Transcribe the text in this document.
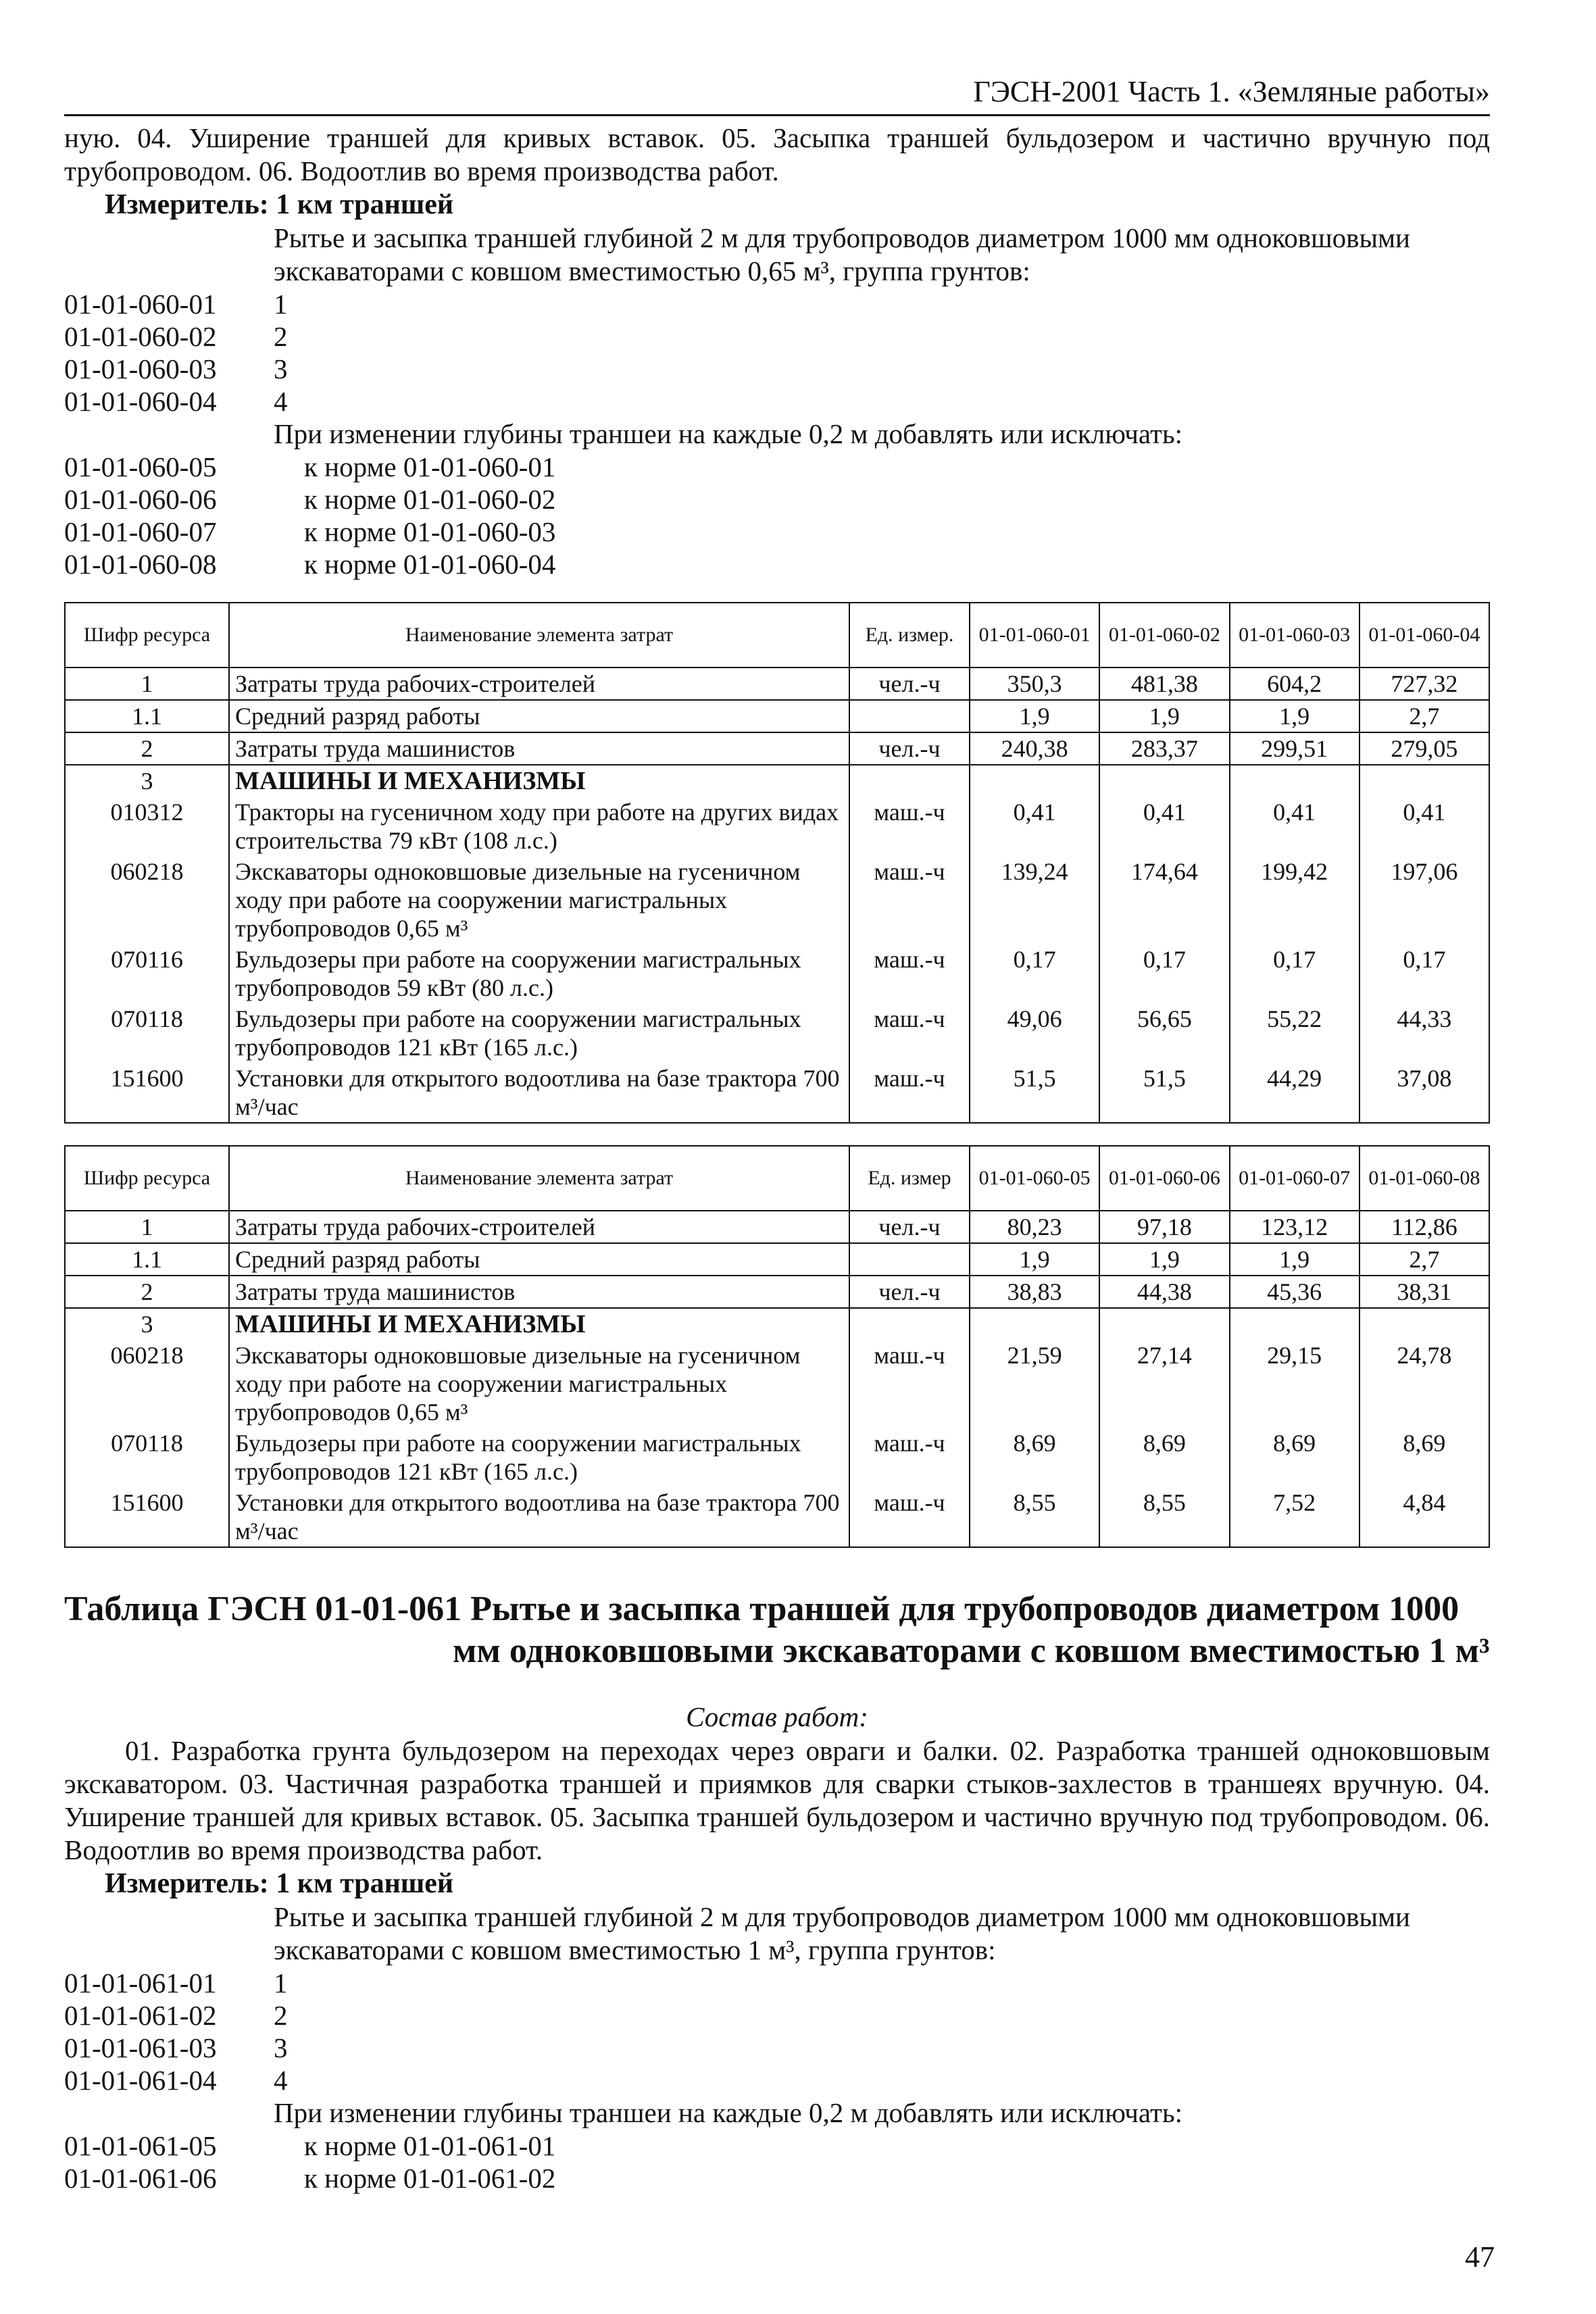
ГЭСН-2001 Часть 1. «Земляные работы»

ную. 04. Уширение траншей для кривых вставок. 05. Засыпка траншей бульдозером и частично вручную под трубопроводом. 06. Водоотлив во время производства работ.

Измеритель: 1 км траншей
Рытье и засыпка траншей глубиной 2 м для трубопроводов диаметром 1000 мм одноковшовыми экскаваторами с ковшом вместимостью 0,65 м³, группа грунтов:
01-01-060-01	1
01-01-060-02	2
01-01-060-03	3
01-01-060-04	4
При изменении глубины траншеи на каждые 0,2 м добавлять или исключать:
01-01-060-05	к норме 01-01-060-01
01-01-060-06	к норме 01-01-060-02
01-01-060-07	к норме 01-01-060-03
01-01-060-08	к норме 01-01-060-04
Шифр ресурса	Наименование элемента затрат	Ед. измер.	01-01-060-01	01-01-060-02	01-01-060-03	01-01-060-04
1	Затраты труда рабочих-строителей	чел.-ч	350,3	481,38	604,2	727,32
1.1	Средний разряд работы		1,9	1,9	1,9	2,7
2	Затраты труда машинистов	чел.-ч	240,38	283,37	299,51	279,05
3	МАШИНЫ И МЕХАНИЗМЫ					
010312	Тракторы на гусеничном ходу при работе на других видах строительства 79 кВт (108 л.с.)	маш.-ч	0,41	0,41	0,41	0,41
060218	Экскаваторы одноковшовые дизельные на гусеничном ходу при работе на сооружении магистральных трубопроводов 0,65 м³	маш.-ч	139,24	174,64	199,42	197,06
070116	Бульдозеры при работе на сооружении магистральных трубопроводов 59 кВт (80 л.с.)	маш.-ч	0,17	0,17	0,17	0,17
070118	Бульдозеры при работе на сооружении магистральных трубопроводов 121 кВт (165 л.с.)	маш.-ч	49,06	56,65	55,22	44,33
151600	Установки для открытого водоотлива на базе трактора 700 м³/час	маш.-ч	51,5	51,5	44,29	37,08
Шифр ресурса	Наименование элемента затрат	Ед. измер	01-01-060-05	01-01-060-06	01-01-060-07	01-01-060-08
1	Затраты труда рабочих-строителей	чел.-ч	80,23	97,18	123,12	112,86
1.1	Средний разряд работы		1,9	1,9	1,9	2,7
2	Затраты труда машинистов	чел.-ч	38,83	44,38	45,36	38,31
3	МАШИНЫ И МЕХАНИЗМЫ					
060218	Экскаваторы одноковшовые дизельные на гусеничном ходу при работе на сооружении магистральных трубопроводов 0,65 м³	маш.-ч	21,59	27,14	29,15	24,78
070118	Бульдозеры при работе на сооружении магистральных трубопроводов 121 кВт (165 л.с.)	маш.-ч	8,69	8,69	8,69	8,69
151600	Установки для открытого водоотлива на базе трактора 700 м³/час	маш.-ч	8,55	8,55	7,52	4,84
Таблица ГЭСН 01-01-061 Рытье и засыпка траншей для трубопроводов диаметром 1000
мм одноковшовыми экскаваторами с ковшом вместимостью 1 м³
Состав работ:

01. Разработка грунта бульдозером на переходах через овраги и балки. 02. Разработка траншей одноковшовым экскаватором. 03. Частичная разработка траншей и приямков для сварки стыков-захлестов в траншеях вручную. 04. Уширение траншей для кривых вставок. 05. Засыпка траншей бульдозером и частично вручную под трубопроводом. 06. Водоотлив во время производства работ.

Измеритель: 1 км траншей
Рытье и засыпка траншей глубиной 2 м для трубопроводов диаметром 1000 мм одноковшовыми экскаваторами с ковшом вместимостью 1 м³, группа грунтов:
01-01-061-01	1
01-01-061-02	2
01-01-061-03	3
01-01-061-04	4
При изменении глубины траншеи на каждые 0,2 м добавлять или исключать:
01-01-061-05	к норме 01-01-061-01
01-01-061-06	к норме 01-01-061-02
47
